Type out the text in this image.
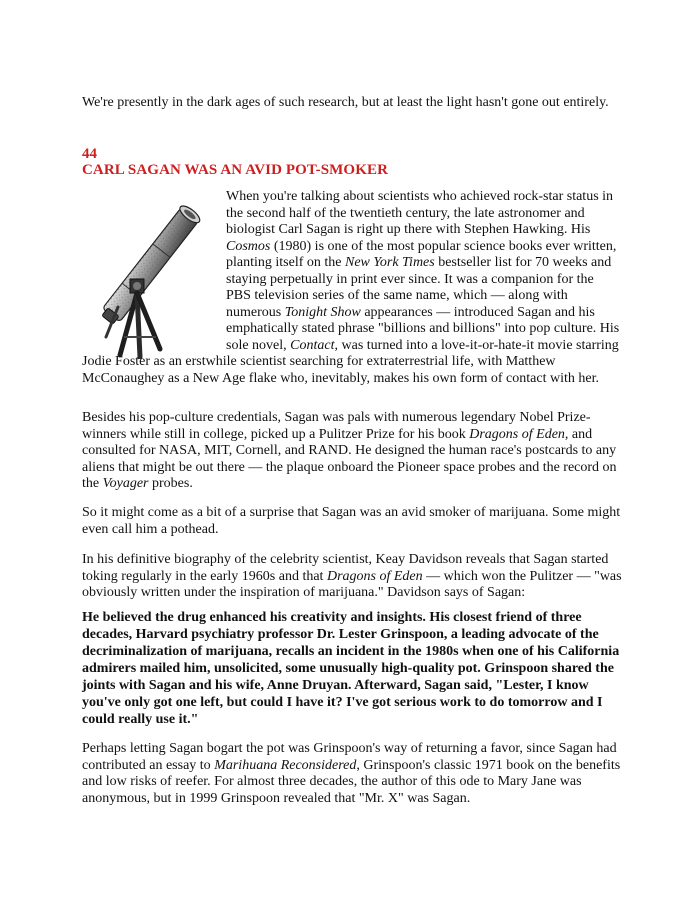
We're presently in the dark ages of such research, but at least the light hasn't gone out entirely.

44

CARL SAGAN WAS AN AVID POT-SMOKER

When you're talking about scientists who achieved rock-star status in the second half of the twentieth century, the late astronomer and biologist Carl Sagan is right up there with Stephen Hawking. His Cosmos (1980) is one of the most popular science books ever written, planting itself on the New York Times bestseller list for 70 weeks and staying perpetually in print ever since. It was a companion for the PBS television series of the same name, which — along with numerous Tonight Show appearances — introduced Sagan and his emphatically stated phrase "billions and billions" into pop culture. His sole novel, Contact, was turned into a love-it-or-hate-it movie starring Jodie Foster as an erstwhile scientist searching for extraterrestrial life, with Matthew McConaughey as a New Age flake who, inevitably, makes his own form of contact with her.

Besides his pop-culture credentials, Sagan was pals with numerous legendary Nobel Prize-winners while still in college, picked up a Pulitzer Prize for his book Dragons of Eden, and consulted for NASA, MIT, Cornell, and RAND. He designed the human race's postcards to any aliens that might be out there — the plaque onboard the Pioneer space probes and the record on the Voyager probes.

So it might come as a bit of a surprise that Sagan was an avid smoker of marijuana. Some might even call him a pothead.

In his definitive biography of the celebrity scientist, Keay Davidson reveals that Sagan started toking regularly in the early 1960s and that Dragons of Eden — which won the Pulitzer — "was obviously written under the inspiration of marijuana." Davidson says of Sagan:

He believed the drug enhanced his creativity and insights. His closest friend of three decades, Harvard psychiatry professor Dr. Lester Grinspoon, a leading advocate of the decriminalization of marijuana, recalls an incident in the 1980s when one of his California admirers mailed him, unsolicited, some unusually high-quality pot. Grinspoon shared the joints with Sagan and his wife, Anne Druyan. Afterward, Sagan said, "Lester, I know you've only got one left, but could I have it? I've got serious work to do tomorrow and I could really use it."

Perhaps letting Sagan bogart the pot was Grinspoon's way of returning a favor, since Sagan had contributed an essay to Marihuana Reconsidered, Grinspoon's classic 1971 book on the benefits and low risks of reefer. For almost three decades, the author of this ode to Mary Jane was anonymous, but in 1999 Grinspoon revealed that "Mr. X" was Sagan.
